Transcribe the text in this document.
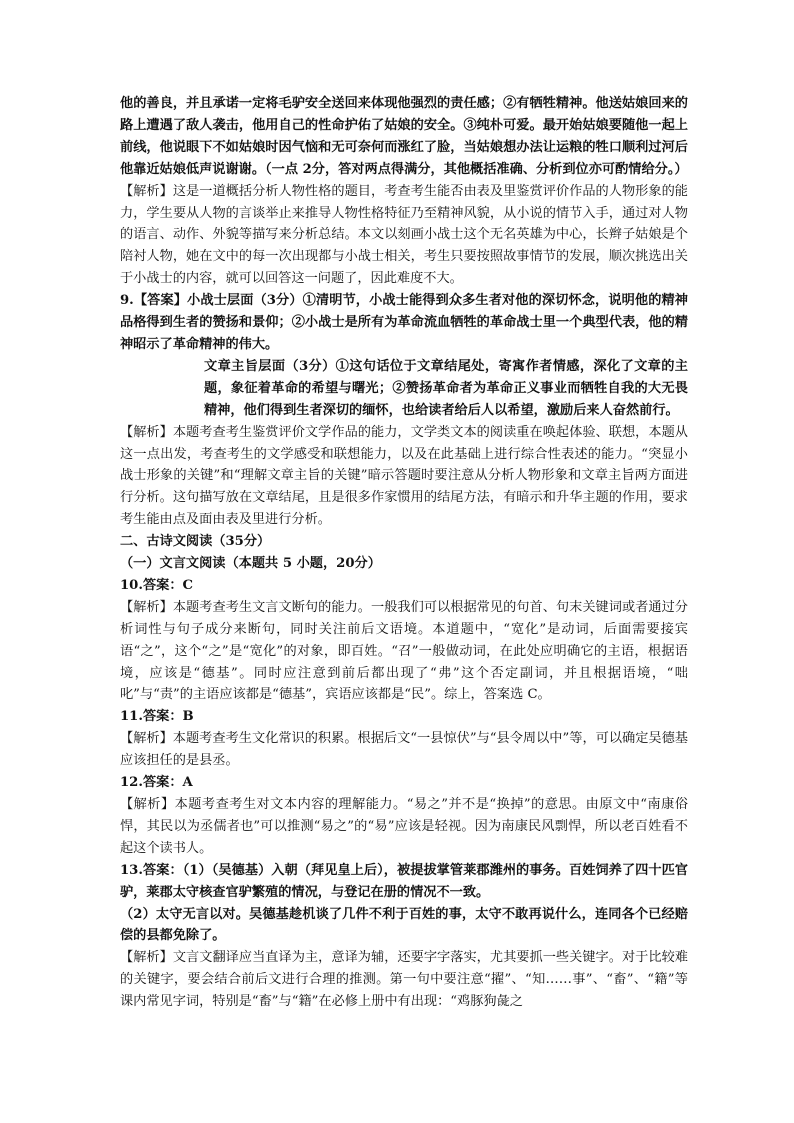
他的善良，并且承诺一定将毛驴安全送回来体现他强烈的责任感；②有牺牲精神。他送姑娘回来的路上遭遇了敌人袭击，他用自己的性命护佑了姑娘的安全。③纯朴可爱。最开始姑娘要随他一起上前线，他说眼下不如姑娘时因气恼和无可奈何而涨红了脸，当姑娘想办法让运粮的牲口顺利过河后他靠近姑娘低声说谢谢。（一点 2分，答对两点得满分，其他概括准确、分析到位亦可酌情给分。）

【解析】这是一道概括分析人物性格的题目，考查考生能否由表及里鉴赏评价作品的人物形象的能力，学生要从人物的言谈举止来推导人物性格特征乃至精神风貌，从小说的情节入手，通过对人物的语言、动作、外貌等描写来分析总结。本文以刻画小战士这个无名英雄为中心，长辫子姑娘是个陪衬人物，她在文中的每一次出现都与小战士相关，考生只要按照故事情节的发展，顺次挑选出关于小战士的内容，就可以回答这一问题了，因此难度不大。

9.【答案】小战士层面（3分）①清明节，小战士能得到众多生者对他的深切怀念，说明他的精神品格得到生者的赞扬和景仰；②小战士是所有为革命流血牺牲的革命战士里一个典型代表，他的精神昭示了革命精神的伟大。

文章主旨层面（3分）①这句话位于文章结尾处，寄寓作者情感，深化了文章的主题，象征着革命的希望与曙光；②赞扬革命者为革命正义事业而牺牲自我的大无畏精神，他们得到生者深切的缅怀，也给读者给后人以希望，激励后来人奋然前行。

【解析】本题考查考生鉴赏评价文学作品的能力，文学类文本的阅读重在唤起体验、联想，本题从这一点出发，考查考生的文学感受和联想能力，以及在此基础上进行综合性表述的能力。“突显小战士形象的关键”和“理解文章主旨的关键”暗示答题时要注意从分析人物形象和文章主旨两方面进行分析。这句描写放在文章结尾，且是很多作家惯用的结尾方法，有暗示和升华主题的作用，要求考生能由点及面由表及里进行分析。

二、古诗文阅读（35分）

（一）文言文阅读（本题共 5 小题，20分）

10.答案：C

【解析】本题考查考生文言文断句的能力。一般我们可以根据常见的句首、句末关键词或者通过分析词性与句子成分来断句，同时关注前后文语境。本道题中，“宽化”是动词，后面需要接宾语“之”，这个“之”是“宽化”的对象，即百姓。“召”一般做动词，在此处应明确它的主语，根据语境，应该是“德基”。同时应注意到前后都出现了“弗”这个否定副词，并且根据语境，“咄叱”与“责”的主语应该都是“德基”，宾语应该都是“民”。综上，答案选 C。

11.答案：B

【解析】本题考查考生文化常识的积累。根据后文“一县惊伏”与“县令周以中”等，可以确定吴德基应该担任的是县丞。

12.答案：A

【解析】本题考查考生对文本内容的理解能力。“易之”并不是“换掉”的意思。由原文中“南康俗悍，其民以为丞儒者也”可以推测“易之”的“易”应该是轻视。因为南康民风剽悍，所以老百姓看不起这个读书人。

13.答案：（1）（吴德基）入朝（拜见皇上后），被提拔掌管莱郡潍州的事务。百姓饲养了四十匹官驴，莱郡太守核查官驴繁殖的情况，与登记在册的情况不一致。

（2）太守无言以对。吴德基趁机谈了几件不利于百姓的事，太守不敢再说什么，连同各个已经赔偿的县都免除了。

【解析】文言文翻译应当直译为主，意译为辅，还要字字落实，尤其要抓一些关键字。对于比较难的关键字，要会结合前后文进行合理的推测。第一句中要注意“擢”、“知……事”、“畜”、“籍”等课内常见字词，特别是“畜”与“籍”在必修上册中有出现：“鸡豚狗彘之
